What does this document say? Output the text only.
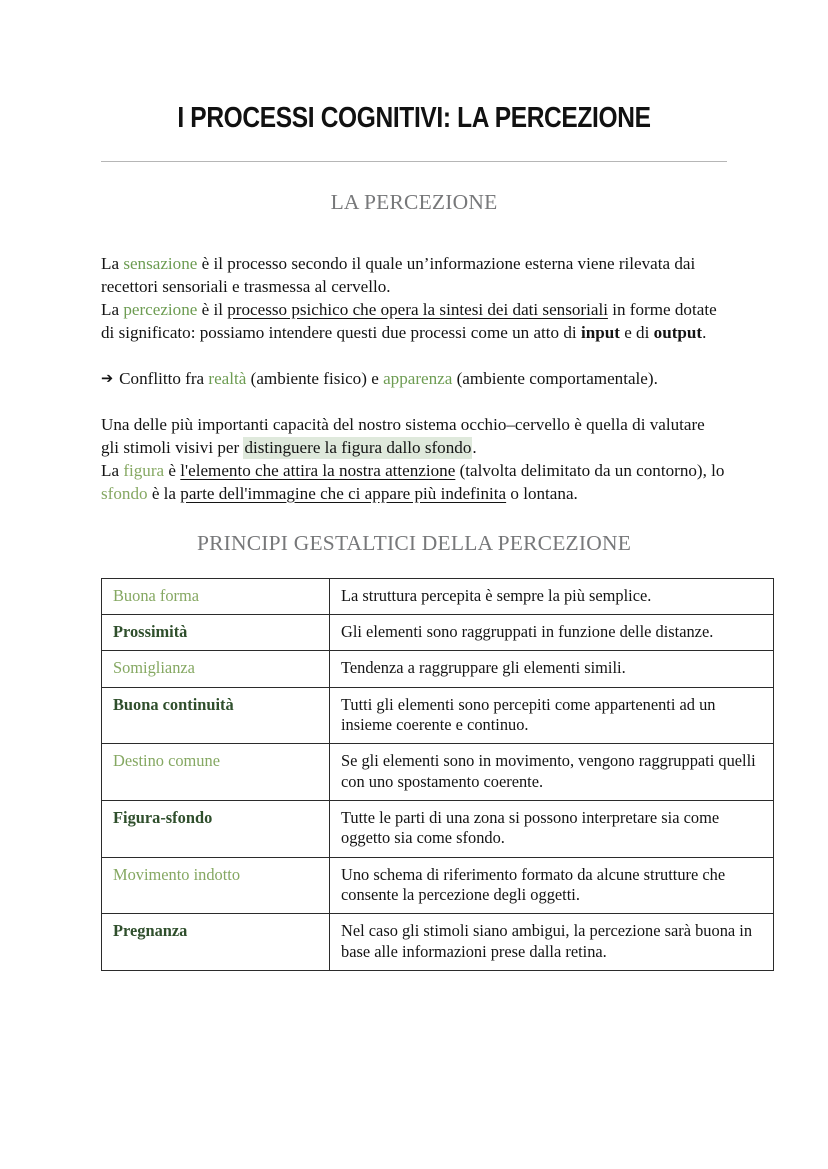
I PROCESSI COGNITIVI: LA PERCEZIONE
LA PERCEZIONE

La sensazione è il processo secondo il quale un’informazione esterna viene rilevata dai recettori sensoriali e trasmessa al cervello.

La percezione è il processo psichico che opera la sintesi dei dati sensoriali in forme dotate di significato: possiamo intendere questi due processi come un atto di input e di output.

➔ Conflitto fra realtà (ambiente fisico) e apparenza (ambiente comportamentale).

Una delle più importanti capacità del nostro sistema occhio–cervello è quella di valutare gli stimoli visivi per distinguere la figura dallo sfondo.

La figura è l'elemento che attira la nostra attenzione (talvolta delimitato da un contorno), lo sfondo è la parte dell'immagine che ci appare più indefinita o lontana.

PRINCIPI GESTALTICI DELLA PERCEZIONE
Buona forma	La struttura percepita è sempre la più semplice.
Prossimità	Gli elementi sono raggruppati in funzione delle distanze.
Somiglianza	Tendenza a raggruppare gli elementi simili.
Buona continuità	Tutti gli elementi sono percepiti come appartenenti ad un insieme coerente e continuo.
Destino comune	Se gli elementi sono in movimento, vengono raggruppati quelli con uno spostamento coerente.
Figura-sfondo	Tutte le parti di una zona si possono interpretare sia come oggetto sia come sfondo.
Movimento indotto	Uno schema di riferimento formato da alcune strutture che consente la percezione degli oggetti.
Pregnanza	Nel caso gli stimoli siano ambigui, la percezione sarà buona in base alle informazioni prese dalla retina.
